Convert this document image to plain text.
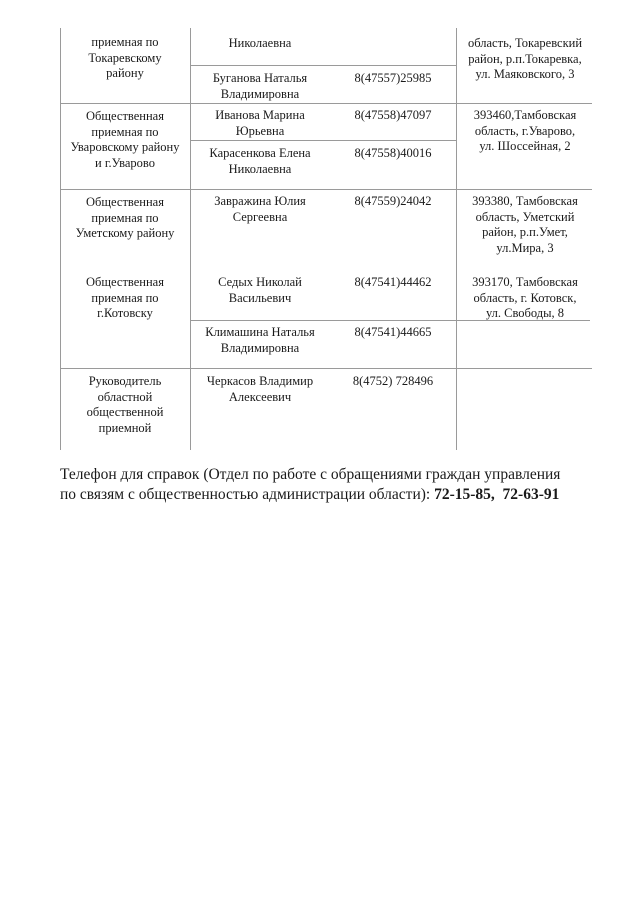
приемная по
Токаревскому
району
Николаевна
Буганова Наталья
Владимировна
8(47557)25985
область, Токаревский
район, р.п.Токаревка,
ул. Маяковского, 3
Общественная
приемная по
Уваровскому району
и г.Уварово
Иванова Марина
Юрьевна
8(47558)47097
Карасенкова Елена
Николаевна
8(47558)40016
393460,Тамбовская
область, г.Уварово,
ул. Шоссейная, 2
Общественная
приемная по
Уметскому району
Завражина Юлия
Сергеевна
8(47559)24042	393380, Тамбовская
область, Уметский
район, р.п.Умет,
ул.Мира, 3
Общественная
приемная по
г.Котовску
Седых Николай
Васильевич
8(47541)44462
Климашина Наталья
Владимировна
8(47541)44665
393170, Тамбовская
область, г. Котовск,
ул. Свободы, 8
Руководитель
областной
общественной
приемной
Черкасов Владимир
Алексеевич
8(4752) 728496
Телефон для справок (Отдел по работе с обращениями граждан управления
по связям с общественностью администрации области): 72-15-85,  72-63-91
